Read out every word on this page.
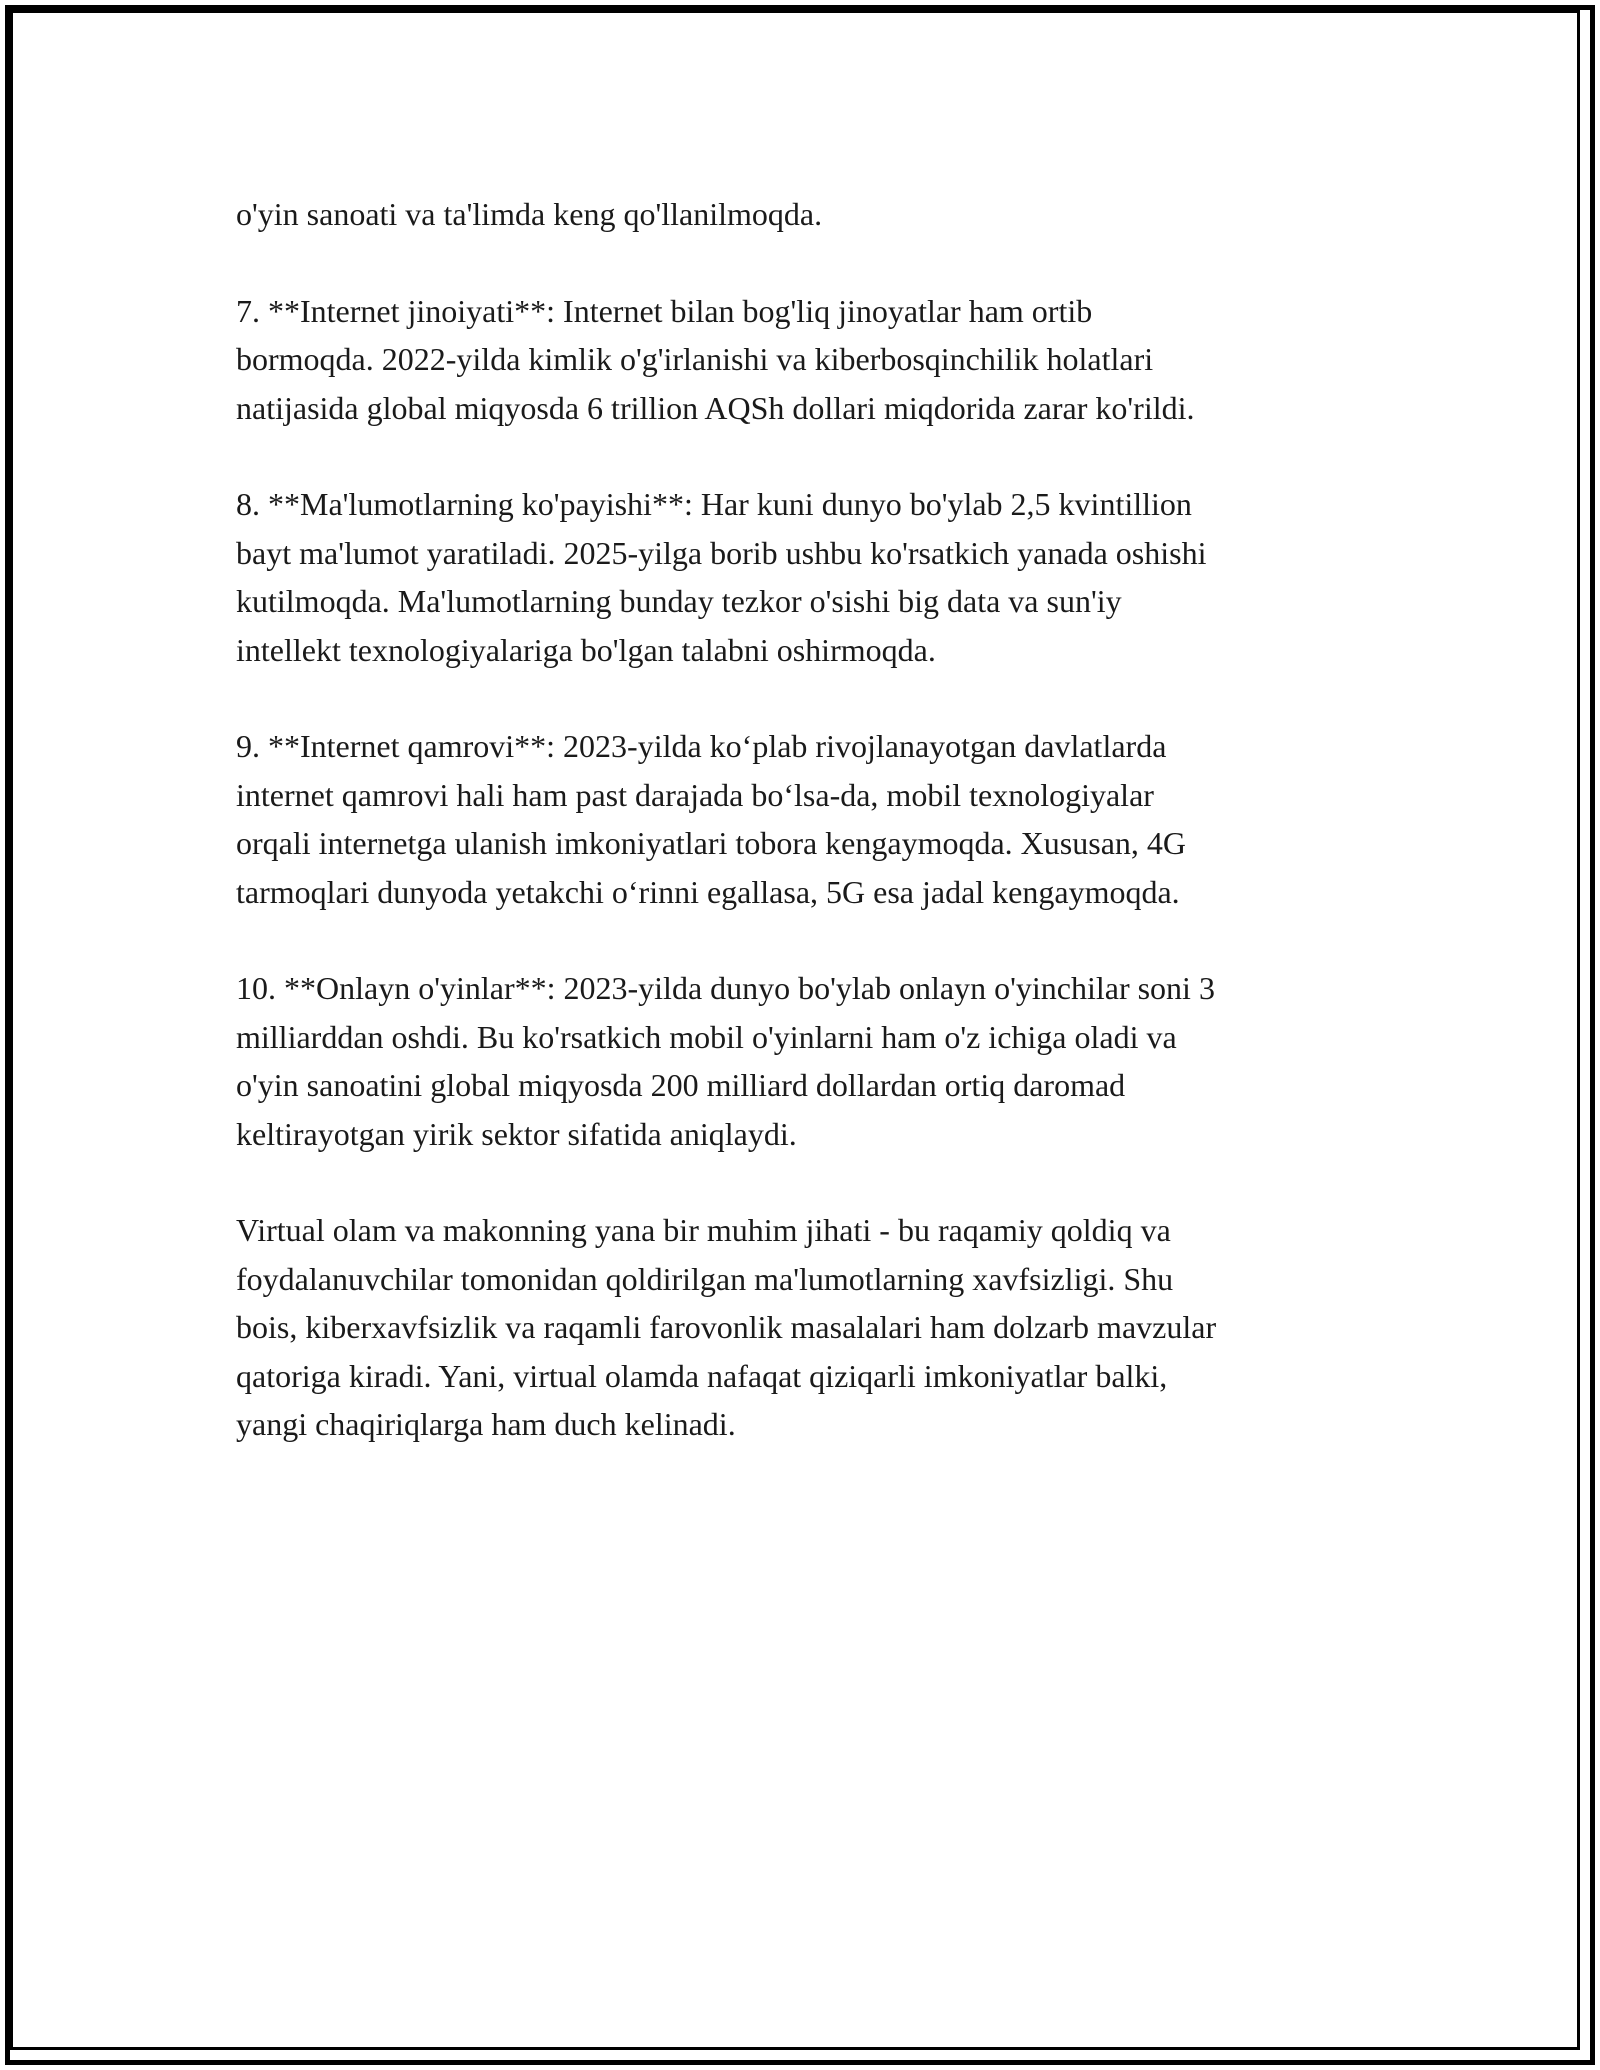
o'yin sanoati va ta'limda keng qo'llanilmoqda.

7. **Internet jinoiyati**: Internet bilan bog'liq jinoyatlar ham ortib
bormoqda. 2022-yilda kimlik o'g'irlanishi va kiberbosqinchilik holatlari
natijasida global miqyosda 6 trillion AQSh dollari miqdorida zarar ko'rildi.

8. **Ma'lumotlarning ko'payishi**: Har kuni dunyo bo'ylab 2,5 kvintillion
bayt ma'lumot yaratiladi. 2025-yilga borib ushbu ko'rsatkich yanada oshishi
kutilmoqda. Ma'lumotlarning bunday tezkor o'sishi big data va sun'iy
intellekt texnologiyalariga bo'lgan talabni oshirmoqda.

9. **Internet qamrovi**: 2023-yilda ko‘plab rivojlanayotgan davlatlarda
internet qamrovi hali ham past darajada bo‘lsa-da, mobil texnologiyalar
orqali internetga ulanish imkoniyatlari tobora kengaymoqda. Xususan, 4G
tarmoqlari dunyoda yetakchi o‘rinni egallasa, 5G esa jadal kengaymoqda.

10. **Onlayn o'yinlar**: 2023-yilda dunyo bo'ylab onlayn o'yinchilar soni 3
milliarddan oshdi. Bu ko'rsatkich mobil o'yinlarni ham o'z ichiga oladi va
o'yin sanoatini global miqyosda 200 milliard dollardan ortiq daromad
keltirayotgan yirik sektor sifatida aniqlaydi.

Virtual olam va makonning yana bir muhim jihati - bu raqamiy qoldiq va
foydalanuvchilar tomonidan qoldirilgan ma'lumotlarning xavfsizligi. Shu
bois, kiberxavfsizlik va raqamli farovonlik masalalari ham dolzarb mavzular
qatoriga kiradi. Yani, virtual olamda nafaqat qiziqarli imkoniyatlar balki,
yangi chaqiriqlarga ham duch kelinadi.
